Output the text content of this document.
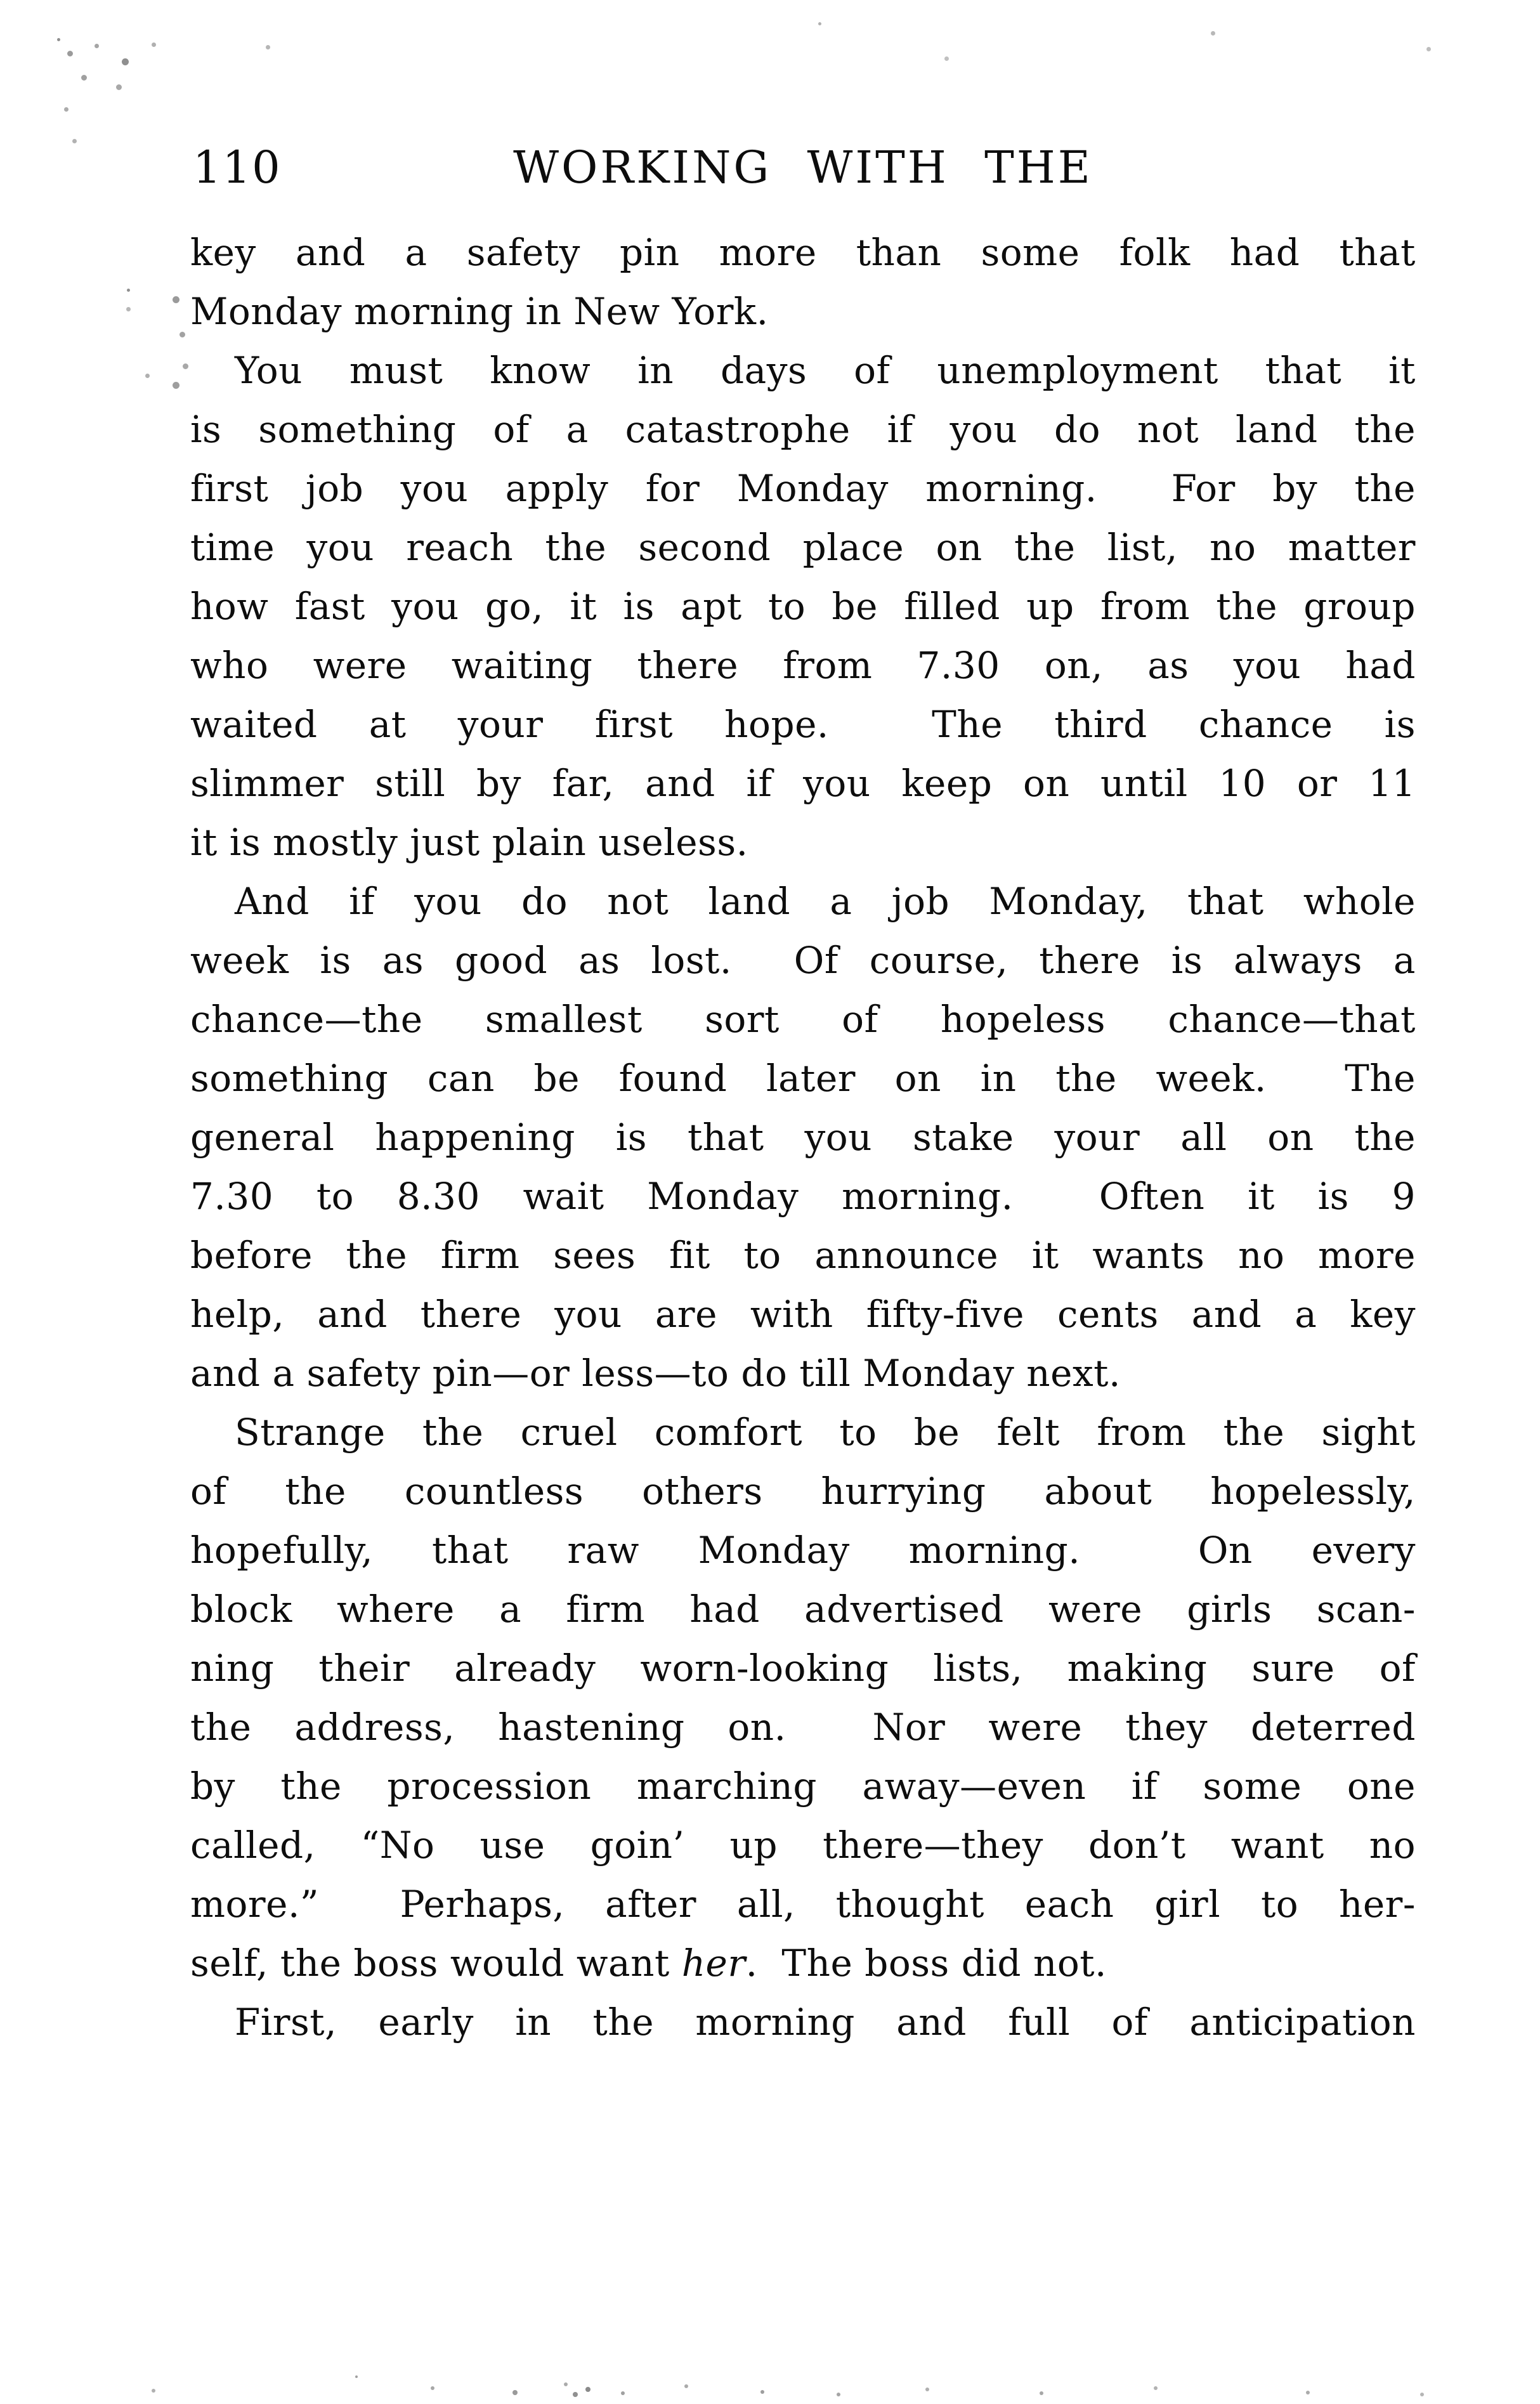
110	WORKING WITH THE
key and a safety pin more than some folk had that
Monday morning in New York.
You must know in days of unemployment that it
is something of a catastrophe if you do not land the
first job you apply for Monday morning.  For by the
time you reach the second place on the list, no matter
how fast you go, it is apt to be filled up from the group
who were waiting there from 7.30 on, as you had
waited at your first hope.  The third chance is
slimmer still by far, and if you keep on until 10 or 11
it is mostly just plain useless.
And if you do not land a job Monday, that whole
week is as good as lost.  Of course, there is always a
chance—the smallest sort of hopeless chance—that
something can be found later on in the week.  The
general happening is that you stake your all on the
7.30 to 8.30 wait Monday morning.  Often it is 9
before the firm sees fit to announce it wants no more
help, and there you are with fifty-five cents and a key
and a safety pin—or less—to do till Monday next.
Strange the cruel comfort to be felt from the sight
of the countless others hurrying about hopelessly,
hopefully, that raw Monday morning.  On every
block where a firm had advertised were girls scan-
ning their already worn-looking lists, making sure of
the address, hastening on.  Nor were they deterred
by the procession marching away—even if some one
called, “No use goin’ up there—they don’t want no
more.”  Perhaps, after all, thought each girl to her-
self, the boss would want her.  The boss did not.
First, early in the morning and full of anticipation
